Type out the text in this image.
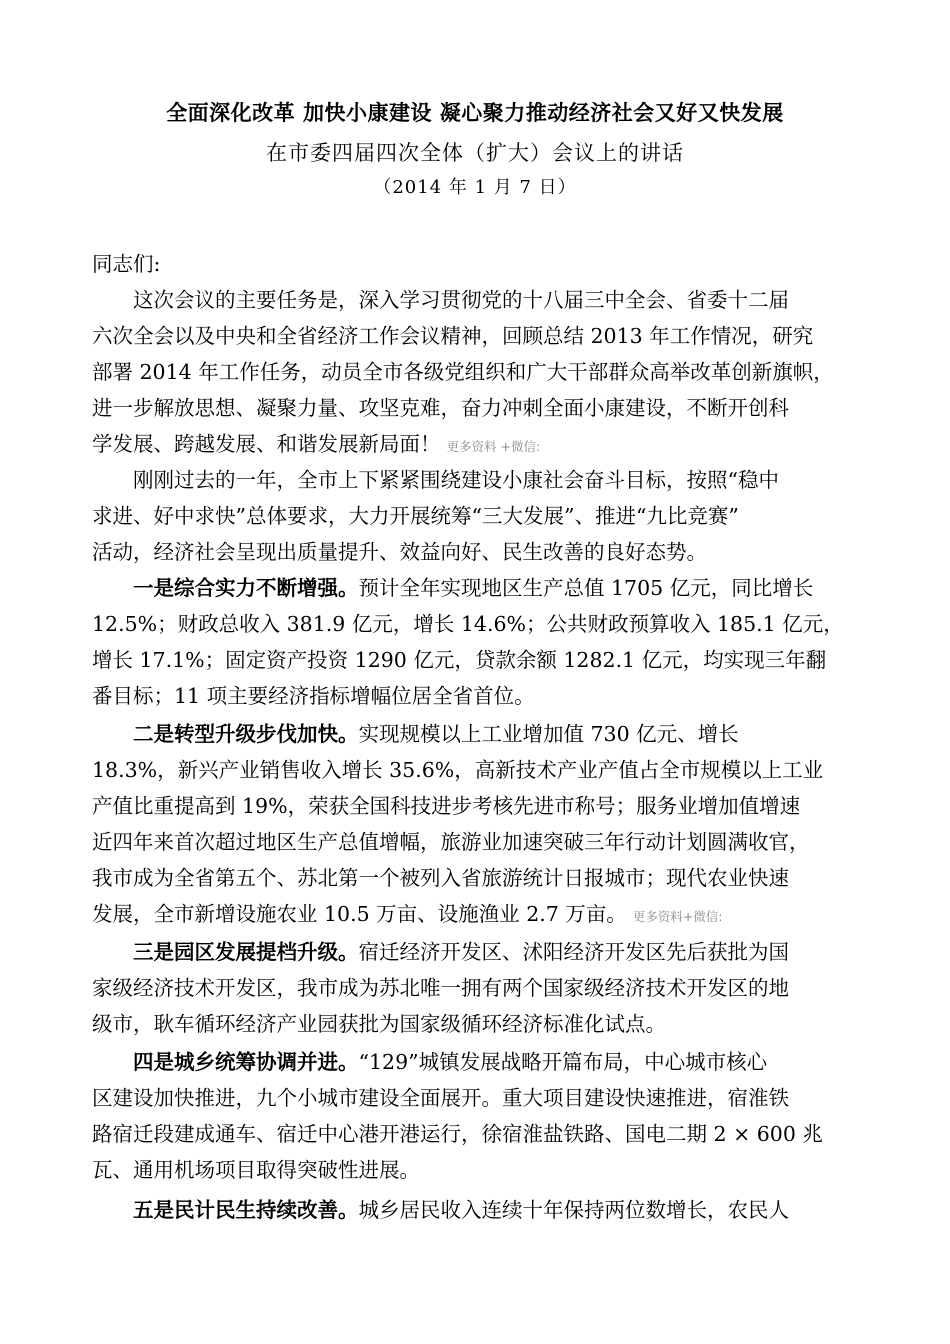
全面深化改革 加快小康建设 凝心聚力推动经济社会又好又快发展
在市委四届四次全体（扩大）会议上的讲话
（2014 年 1 月 7 日）
同志们:
这次会议的主要任务是，深入学习贯彻党的十八届三中全会、省委十二届
六次全会以及中央和全省经济工作会议精神，回顾总结 2013 年工作情况，研究
部署 2014 年工作任务，动员全市各级党组织和广大干部群众高举改革创新旗帜，
进一步解放思想、凝聚力量、攻坚克难，奋力冲刺全面小康建设，不断开创科
学发展、跨越发展、和谐发展新局面！ 更多资料 +微信:
刚刚过去的一年，全市上下紧紧围绕建设小康社会奋斗目标，按照“稳中
求进、好中求快”总体要求，大力开展统筹“三大发展”、推进“九比竞赛”
活动，经济社会呈现出质量提升、效益向好、民生改善的良好态势。
一是综合实力不断增强。预计全年实现地区生产总值 1705 亿元，同比增长
12.5%；财政总收入 381.9 亿元，增长 14.6%；公共财政预算收入 185.1 亿元，
增长 17.1%；固定资产投资 1290 亿元，贷款余额 1282.1 亿元，均实现三年翻
番目标；11 项主要经济指标增幅位居全省首位。
二是转型升级步伐加快。实现规模以上工业增加值 730 亿元、增长
18.3%，新兴产业销售收入增长 35.6%，高新技术产业产值占全市规模以上工业
产值比重提高到 19%，荣获全国科技进步考核先进市称号；服务业增加值增速
近四年来首次超过地区生产总值增幅，旅游业加速突破三年行动计划圆满收官，
我市成为全省第五个、苏北第一个被列入省旅游统计日报城市；现代农业快速
发展，全市新增设施农业 10.5 万亩、设施渔业 2.7 万亩。 更多资料+微信:
三是园区发展提档升级。宿迁经济开发区、沭阳经济开发区先后获批为国
家级经济技术开发区，我市成为苏北唯一拥有两个国家级经济技术开发区的地
级市，耿车循环经济产业园获批为国家级循环经济标准化试点。
四是城乡统筹协调并进。“129”城镇发展战略开篇布局，中心城市核心
区建设加快推进，九个小城市建设全面展开。重大项目建设快速推进，宿淮铁
路宿迁段建成通车、宿迁中心港开港运行，徐宿淮盐铁路、国电二期 2 × 600 兆
瓦、通用机场项目取得突破性进展。
五是民计民生持续改善。城乡居民收入连续十年保持两位数增长，农民人
